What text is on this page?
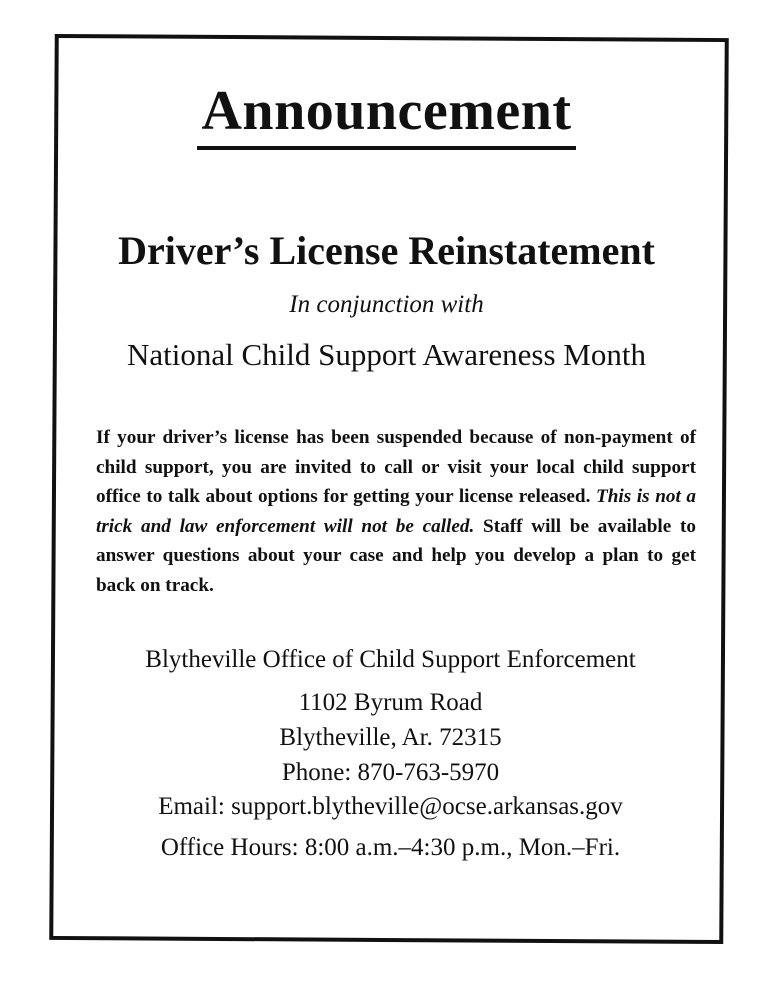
Announcement
Driver’s License Reinstatement
In conjunction with
National Child Support Awareness Month
If your driver’s license has been suspended because of non-payment of child support, you are invited to call or visit your local child support office to talk about options for getting your license released. This is not a trick and law enforcement will not be called. Staff will be available to answer questions about your case and help you develop a plan to get back on track.
Blytheville Office of Child Support Enforcement
1102 Byrum Road
Blytheville, Ar. 72315
Phone: 870-763-5970
Email: support.blytheville@ocse.arkansas.gov
Office Hours: 8:00 a.m.–4:30 p.m., Mon.–Fri.
